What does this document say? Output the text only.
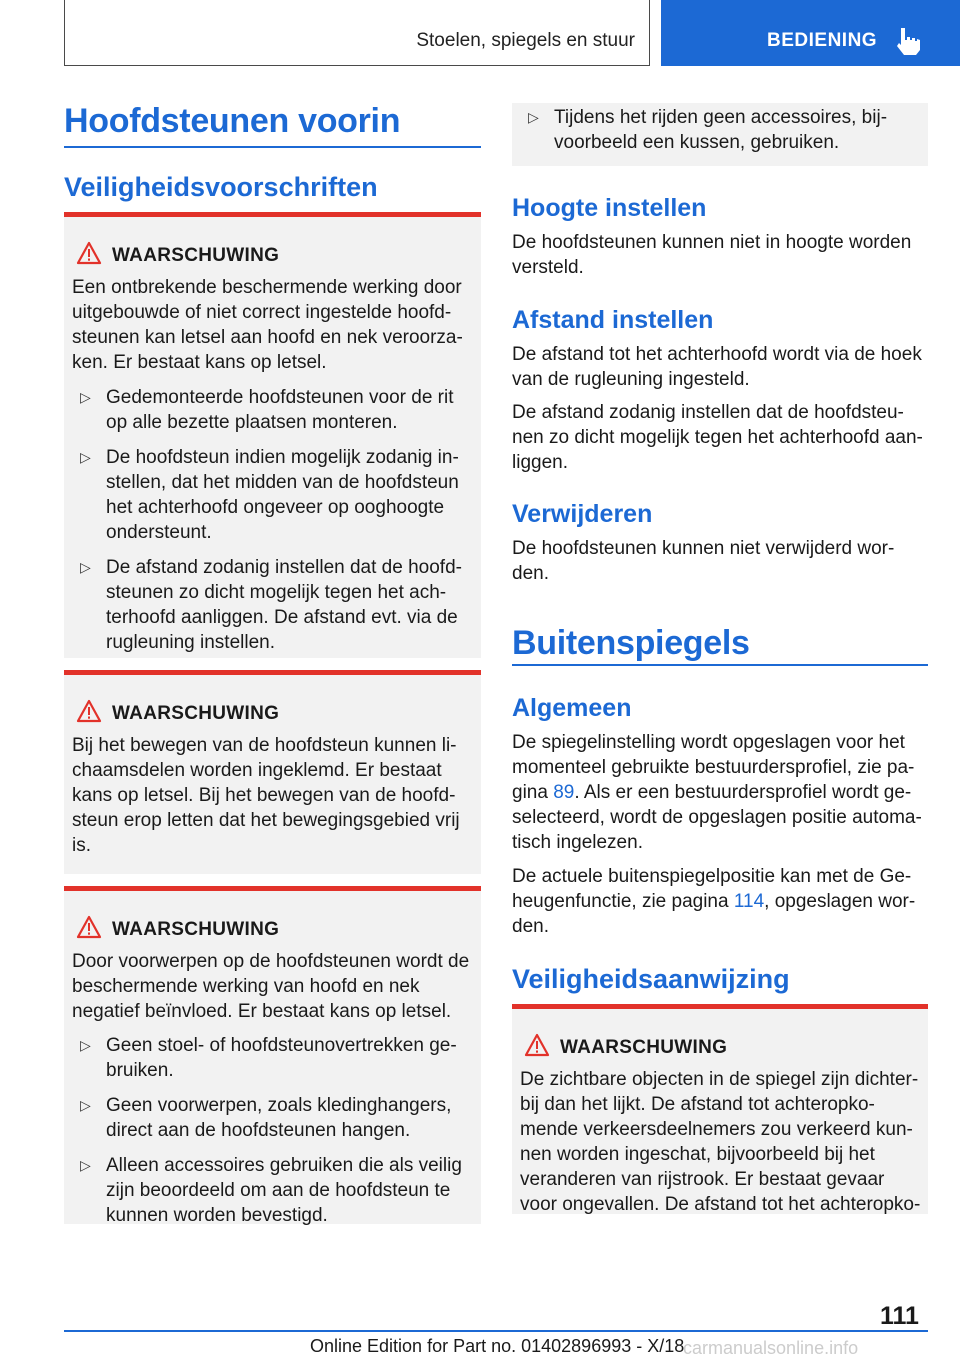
Stoelen, spiegels en stuur	BEDIENING
Hoofdsteunen voorin
Veiligheidsvoorschriften
WAARSCHUWING
Een ontbrekende beschermende werking door uitgebouwde of niet correct ingestelde hoofd-steunen kan letsel aan hoofd en nek veroorza-ken. Er bestaat kans op letsel.
▷ Gedemonteerde hoofdsteunen voor de rit op alle bezette plaatsen monteren.
▷ De hoofdsteun indien mogelijk zodanig in-stellen, dat het midden van de hoofdsteun het achterhoofd ongeveer op ooghoogte ondersteunt.
▷ De afstand zodanig instellen dat de hoofd-steunen zo dicht mogelijk tegen het ach-terhoofd aanliggen. De afstand evt. via de rugleuning instellen.
WAARSCHUWING
Bij het bewegen van de hoofdsteun kunnen li-chaamsdelen worden ingeklemd. Er bestaat kans op letsel. Bij het bewegen van de hoofd-steun erop letten dat het bewegingsgebied vrij is.
WAARSCHUWING
Door voorwerpen op de hoofdsteunen wordt de beschermende werking van hoofd en nek negatief beïnvloed. Er bestaat kans op letsel.
▷ Geen stoel- of hoofdsteunovertrekken ge-bruiken.
▷ Geen voorwerpen, zoals kledinghangers, direct aan de hoofdsteunen hangen.
▷ Alleen accessoires gebruiken die als veilig zijn beoordeeld om aan de hoofdsteun te kunnen worden bevestigd.
▷ Tijdens het rijden geen accessoires, bij-voorbeeld een kussen, gebruiken.
Hoogte instellen
De hoofdsteunen kunnen niet in hoogte worden versteld.
Afstand instellen
De afstand tot het achterhoofd wordt via de hoek van de rugleuning ingesteld.
De afstand zodanig instellen dat de hoofdsteu-nen zo dicht mogelijk tegen het achterhoofd aan-liggen.
Verwijderen
De hoofdsteunen kunnen niet verwijderd wor-den.
Buitenspiegels
Algemeen
De spiegelinstelling wordt opgeslagen voor het momenteel gebruikte bestuurdersprofiel, zie pa-gina 89. Als er een bestuurdersprofiel wordt ge-selecteerd, wordt de opgeslagen positie automa-tisch ingelezen.
De actuele buitenspiegelpositie kan met de Ge-heugenfunctie, zie pagina 114, opgeslagen wor-den.
Veiligheidsaanwijzing
WAARSCHUWING
De zichtbare objecten in de spiegel zijn dichter-bij dan het lijkt. De afstand tot achteropko-mende verkeersdeelnemers zou verkeerd kun-nen worden ingeschat, bijvoorbeeld bij het veranderen van rijstrook. Er bestaat gevaar voor ongevallen. De afstand tot het achteropko-
111
Online Edition for Part no. 01402896993 - X/18
carmanualsonline.info
